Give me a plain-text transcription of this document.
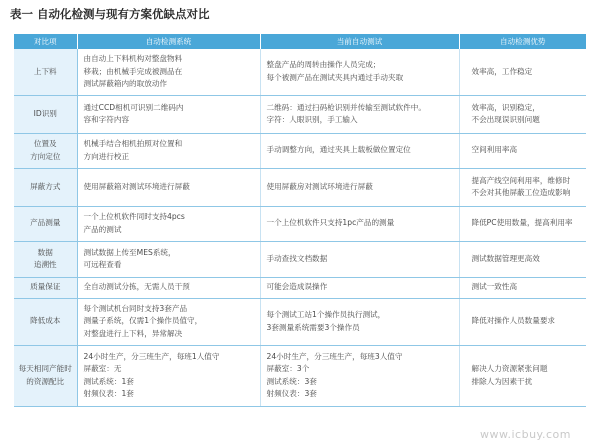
表一 自动化检测与现有方案优缺点对比
对比项	自动检测系统	当前自动测试	自动检测优势

上下料	由自动上下料机构对整盘物料
移栽；由机械手完成被测品在
测试屏蔽箱内的取放动作	整盘产品的周转由操作人员完成；
每个被测产品在测试夹具内通过手动夹取	效率高，工作稳定

ID识别	通过CCD相机可识别二维码内
容和字符内容	二维码：通过扫码枪识别并传输至测试软件中。
字符：人眼识别，手工输入	效率高，识别稳定，
不会出现误识别问题

位置及
方向定位	机械手结合相机拍照对位置和
方向进行校正	手动调整方向，通过夹具上载板做位置定位	空间利用率高

屏蔽方式	使用屏蔽箱对测试环境进行屏蔽	使用屏蔽房对测试环境进行屏蔽	提高产线空间利用率，维修时
不会对其他屏蔽工位造成影响

产品测量	一个上位机软件同时支持4pcs
产品的测试	一个上位机软件只支持1pc产品的测量	降低PC使用数量，提高利用率

数据
追溯性	测试数据上传至MES系统，
可远程查看	手动查找文档数据	测试数据管理更高效

质量保证	全自动测试分拣，无需人员干预	可能会造成误操作	测试一致性高

降低成本	每个测试机台同时支持3套产品
测量子系统，仅需1个操作员值守，
对整盘进行上下料，异常解决	每个测试工站1个操作员执行测试，
3套测量系统需要3个操作员	降低对操作人员数量要求

每天相同产能时
的资源配比	24小时生产，分三班生产，每班1人值守
屏蔽室：无
测试系统：1套
射频仪表：1套	24小时生产，分三班生产，每班3人值守
屏蔽室：3个
测试系统：3套
射频仪表：3套	解决人力资源紧张问题
排除人为因素干扰
www.icbuy.com
